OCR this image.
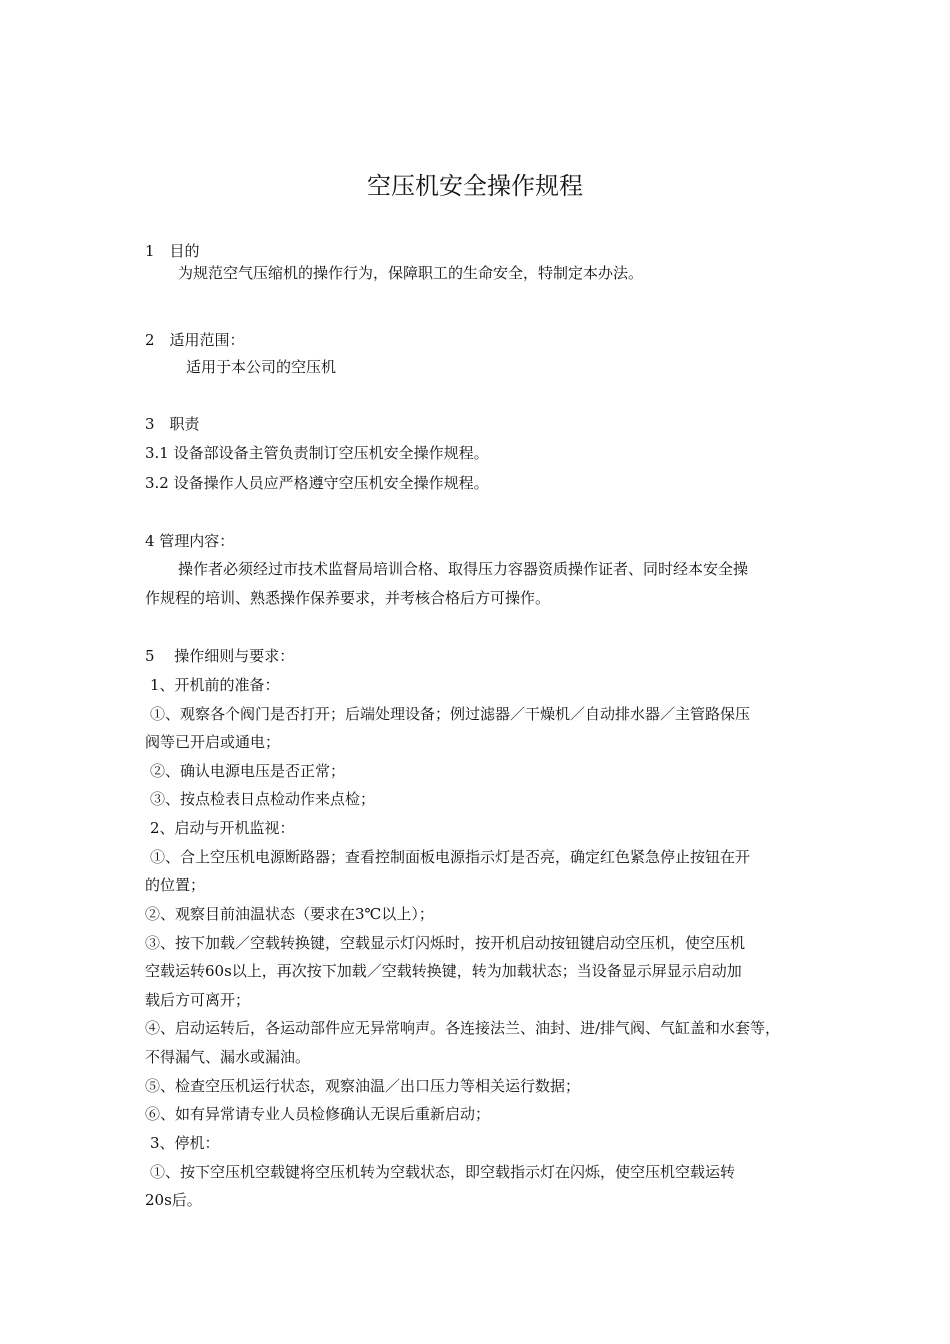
空压机安全操作规程
1　目的
为规范空气压缩机的操作行为，保障职工的生命安全，特制定本办法。
2　适用范围：
适用于本公司的空压机
3　职责
3.1 设备部设备主管负责制订空压机安全操作规程。
3.2 设备操作人员应严格遵守空压机安全操作规程。
4 管理内容：
操作者必须经过市技术监督局培训合格、取得压力容器资质操作证者、同时经本安全操
作规程的培训、熟悉操作保养要求，并考核合格后方可操作。
5　 操作细则与要求：
1、开机前的准备：
①、观察各个阀门是否打开；后端处理设备；例过滤器／干燥机／自动排水器／主管路保压
阀等已开启或通电；
②、确认电源电压是否正常；
③、按点检表日点检动作来点检；
2、启动与开机监视：
①、合上空压机电源断路器；查看控制面板电源指示灯是否亮，确定红色紧急停止按钮在开
的位置；
②、观察目前油温状态（要求在3℃以上）；
③、按下加载／空载转换键，空载显示灯闪烁时，按开机启动按钮键启动空压机，使空压机
空载运转60s以上，再次按下加载／空载转换键，转为加载状态；当设备显示屏显示启动加
载后方可离开；
④、启动运转后，各运动部件应无异常响声。各连接法兰、油封、进/排气阀、气缸盖和水套等，
不得漏气、漏水或漏油。
⑤、检查空压机运行状态，观察油温／出口压力等相关运行数据；
⑥、如有异常请专业人员检修确认无误后重新启动；
3、停机：
①、按下空压机空载键将空压机转为空载状态，即空载指示灯在闪烁，使空压机空载运转
20s后。
